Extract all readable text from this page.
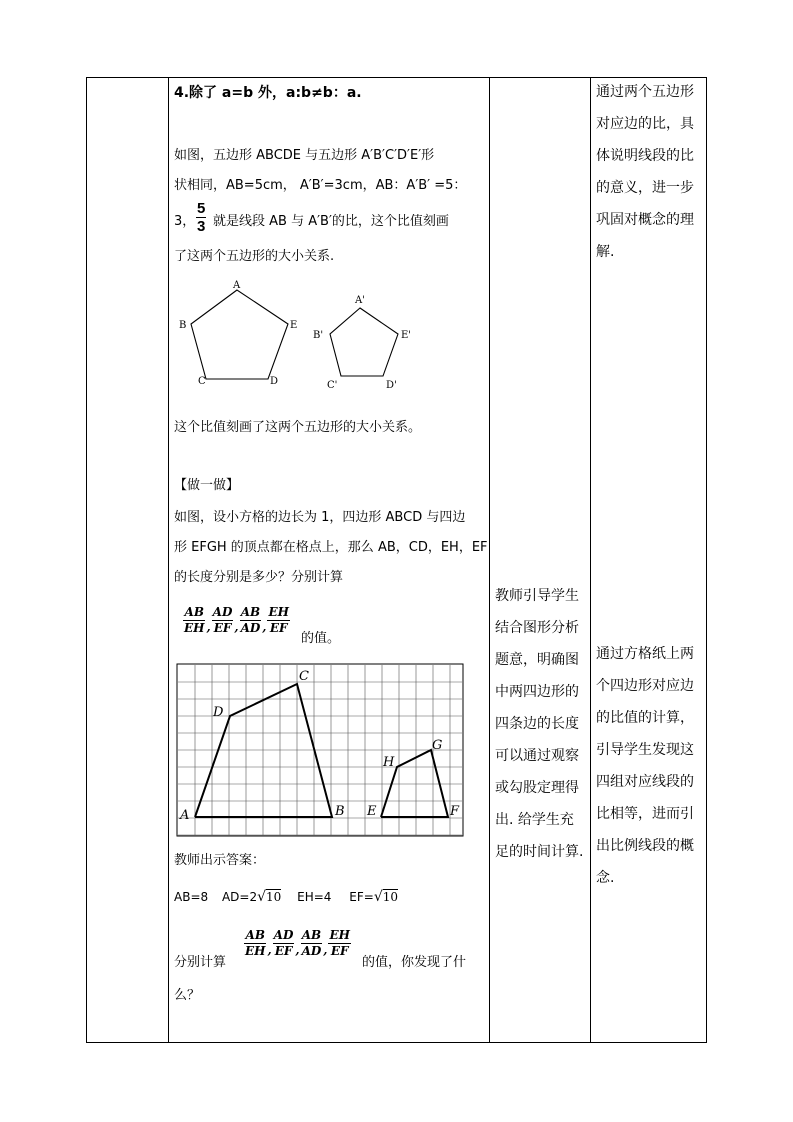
4.除了 a=b 外，a:b≠b：a.
如图，五边形 ABCDE 与五边形 A′B′C′D′E′形
状相同，AB=5cm， A′B′=3cm，AB：A′B′ =5：
3， $\frac{5}{3}$ 就是线段 AB 与 A′B′的比，这个比值刻画
了这两个五边形的大小关系.
A
B
C	D
E
A'
B'
C'	D'
E'
这个比值刻画了这两个五边形的大小关系。
【做一做】
如图，设小方格的边长为 1，四边形 ABCD 与四边
形 EFGH 的顶点都在格点上，那么 AB，CD，EH，EF
的长度分别是多少？分别计算
$\frac{AB}{EH}$ , $\frac{AD}{EF}$ , $\frac{AB}{AD}$ , $\frac{EH}{EF}$
的值。
A	B
C
D
E	F
G
H
教师出示答案：
AB=8 AD=2√10 EH=4 EF=√10
分别计算
$\frac{AB}{EH}$ , $\frac{AD}{EF}$ , $\frac{AB}{AD}$ , $\frac{EH}{EF}$
的值，你发现了什
么？
教师引导学生结合图形分析题意，明确图中两四边形的四条边的长度可以通过观察或勾股定理得出. 给学生充足的时间计算.
通过两个五边形对应边的比，具体说明线段的比的意义，进一步巩固对概念的理解.
通过方格纸上两个四边形对应边的比值的计算，引导学生发现这四组对应线段的比相等，进而引出比例线段的概念.
